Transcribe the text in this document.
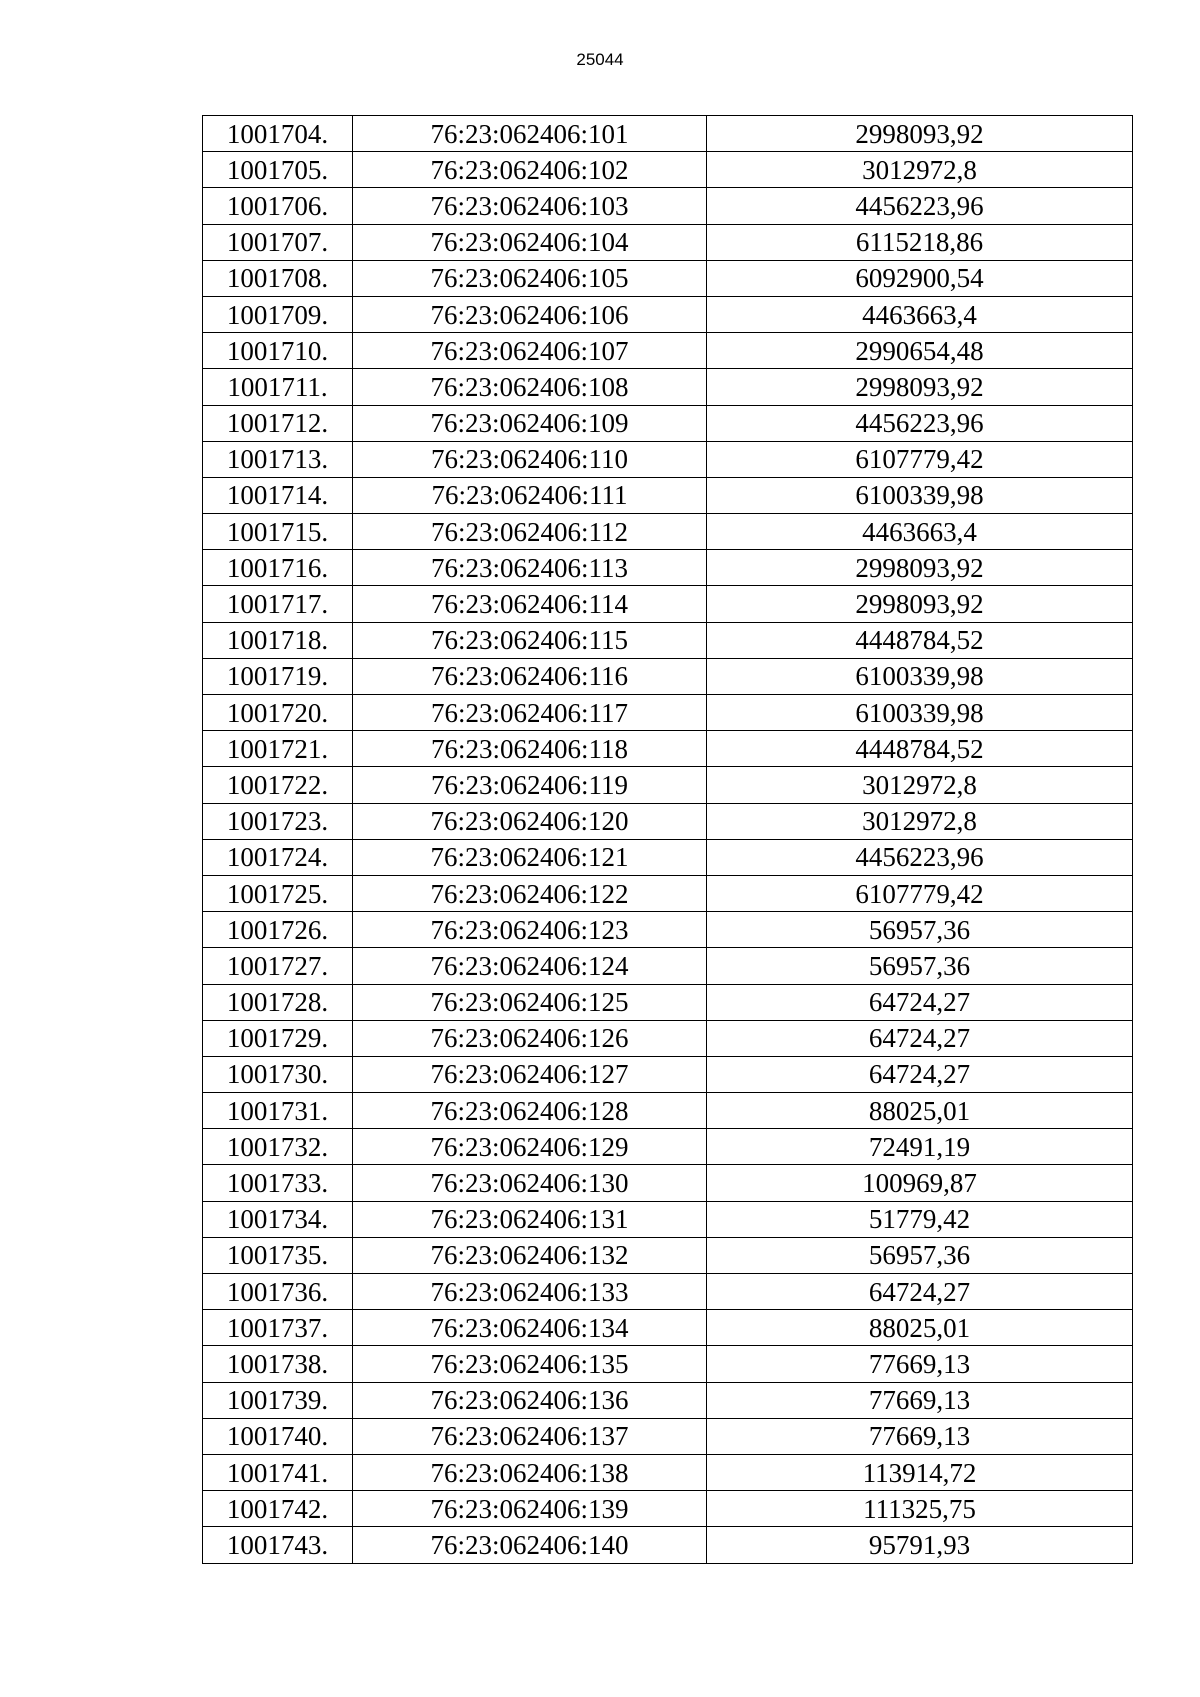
25044
1001704.	76:23:062406:101	2998093,92
1001705.	76:23:062406:102	3012972,8
1001706.	76:23:062406:103	4456223,96
1001707.	76:23:062406:104	6115218,86
1001708.	76:23:062406:105	6092900,54
1001709.	76:23:062406:106	4463663,4
1001710.	76:23:062406:107	2990654,48
1001711.	76:23:062406:108	2998093,92
1001712.	76:23:062406:109	4456223,96
1001713.	76:23:062406:110	6107779,42
1001714.	76:23:062406:111	6100339,98
1001715.	76:23:062406:112	4463663,4
1001716.	76:23:062406:113	2998093,92
1001717.	76:23:062406:114	2998093,92
1001718.	76:23:062406:115	4448784,52
1001719.	76:23:062406:116	6100339,98
1001720.	76:23:062406:117	6100339,98
1001721.	76:23:062406:118	4448784,52
1001722.	76:23:062406:119	3012972,8
1001723.	76:23:062406:120	3012972,8
1001724.	76:23:062406:121	4456223,96
1001725.	76:23:062406:122	6107779,42
1001726.	76:23:062406:123	56957,36
1001727.	76:23:062406:124	56957,36
1001728.	76:23:062406:125	64724,27
1001729.	76:23:062406:126	64724,27
1001730.	76:23:062406:127	64724,27
1001731.	76:23:062406:128	88025,01
1001732.	76:23:062406:129	72491,19
1001733.	76:23:062406:130	100969,87
1001734.	76:23:062406:131	51779,42
1001735.	76:23:062406:132	56957,36
1001736.	76:23:062406:133	64724,27
1001737.	76:23:062406:134	88025,01
1001738.	76:23:062406:135	77669,13
1001739.	76:23:062406:136	77669,13
1001740.	76:23:062406:137	77669,13
1001741.	76:23:062406:138	113914,72
1001742.	76:23:062406:139	111325,75
1001743.	76:23:062406:140	95791,93
